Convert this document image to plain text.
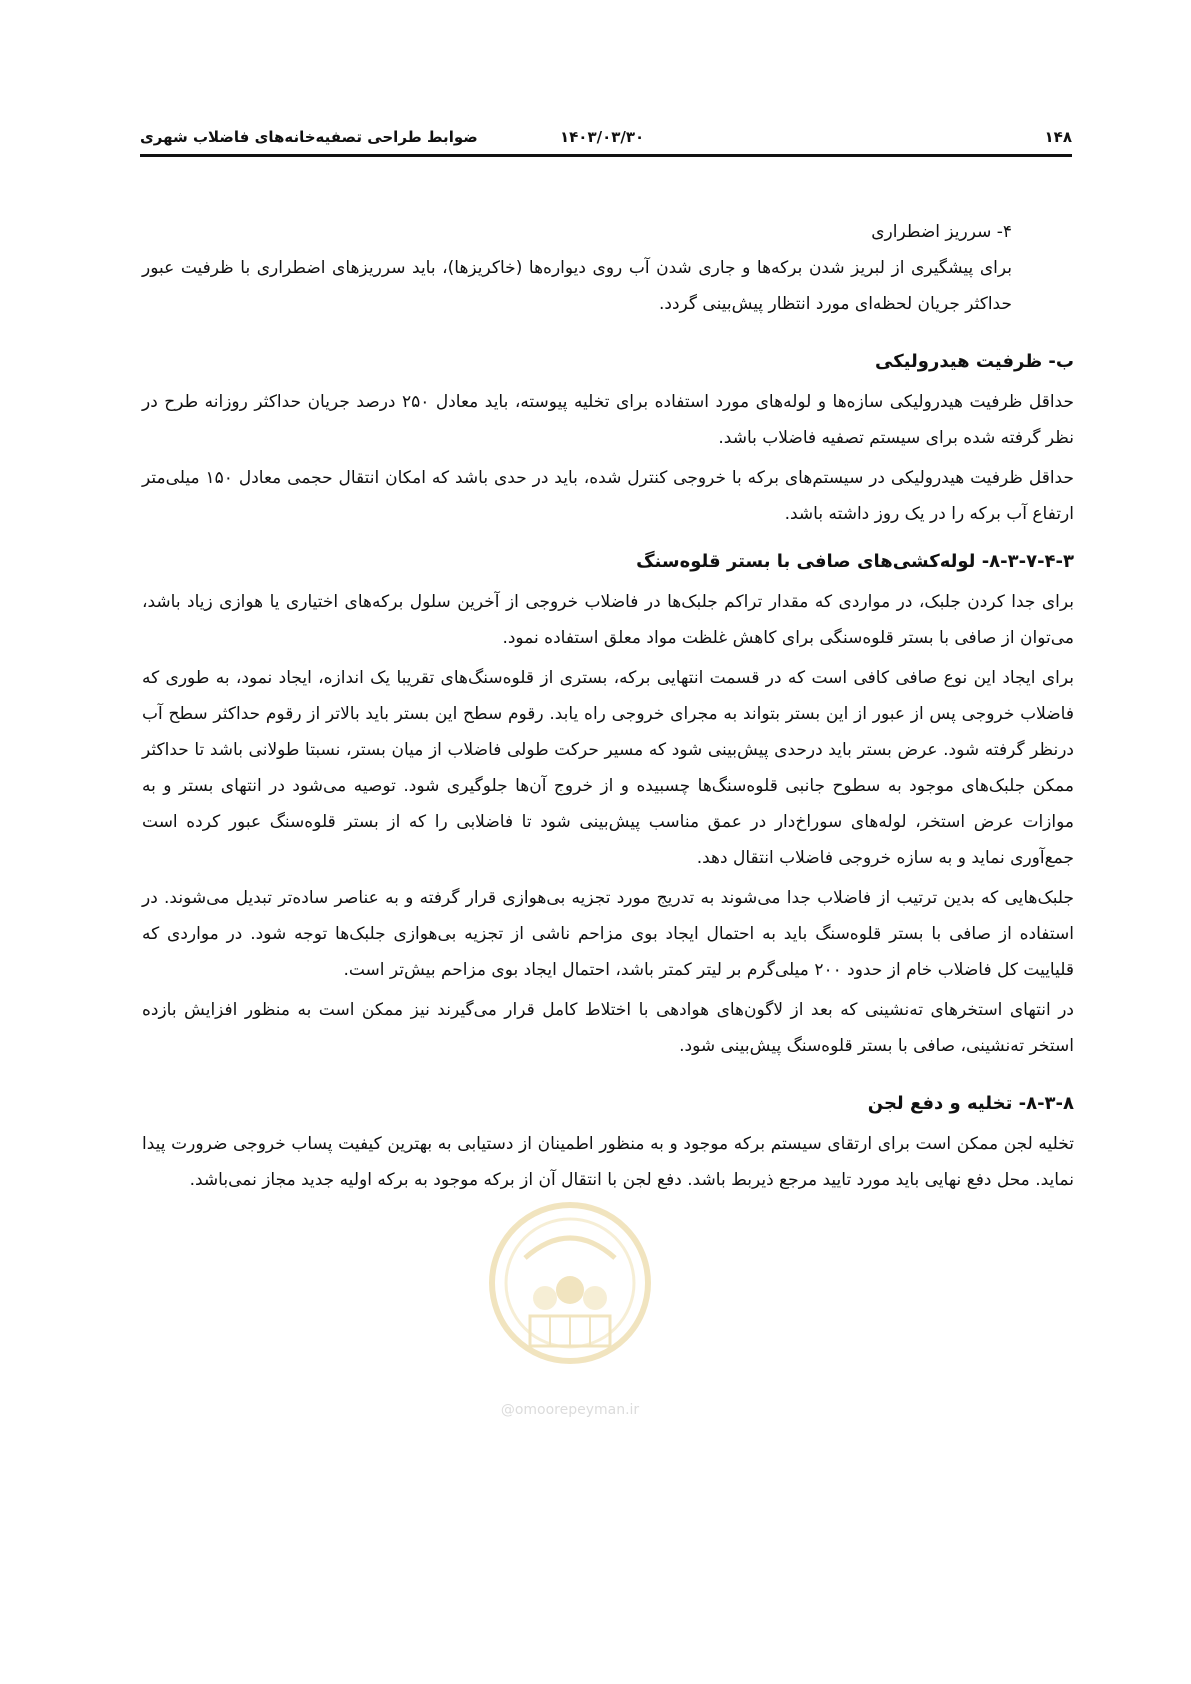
۱۴۸
۱۴۰۳/۰۳/۳۰
ضوابط طراحی تصفیه‌خانه‌های فاضلاب شهری

۴- سرریز اضطراری

برای پیشگیری از لبریز شدن برکه‌ها و جاری شدن آب روی دیواره‌ها (خاکریزها)، باید سرریزهای اضطراری با ظرفیت عبور حداکثر جریان لحظه‌ای مورد انتظار پیش‌بینی گردد.

ب- ظرفیت هیدرولیکی

حداقل ظرفیت هیدرولیکی سازه‌ها و لوله‌های مورد استفاده برای تخلیه پیوسته، باید معادل ۲۵۰ درصد جریان حداکثر روزانه طرح در نظر گرفته شده برای سیستم تصفیه فاضلاب باشد.

حداقل ظرفیت هیدرولیکی در سیستم‌های برکه با خروجی کنترل شده، باید در حدی باشد که امکان انتقال حجمی معادل ۱۵۰ میلی‌متر ارتفاع آب برکه را در یک روز داشته باشد.

۸-۳-۷-۴-۳- لوله‌کشی‌های صافی با بستر قلوه‌سنگ

برای جدا کردن جلبک، در مواردی که مقدار تراکم جلبک‌ها در فاضلاب خروجی از آخرین سلول برکه‌های اختیاری یا هوازی زیاد باشد، می‌توان از صافی با بستر قلوه‌سنگی برای کاهش غلظت مواد معلق استفاده نمود.

برای ایجاد این نوع صافی کافی است که در قسمت انتهایی برکه، بستری از قلوه‌سنگ‌های تقریبا یک اندازه، ایجاد نمود، به طوری که فاضلاب خروجی پس از عبور از این بستر بتواند به مجرای خروجی راه یابد. رقوم سطح این بستر باید بالاتر از رقوم حداکثر سطح آب درنظر گرفته شود. عرض بستر باید درحدی پیش‌بینی شود که مسیر حرکت طولی فاضلاب از میان بستر، نسبتا طولانی باشد تا حداکثر ممکن جلبک‌های موجود به سطوح جانبی قلوه‌سنگ‌ها چسبیده و از خروج آن‌ها جلوگیری شود. توصیه می‌شود در انتهای بستر و به موازات عرض استخر، لوله‌های سوراخ‌دار در عمق مناسب پیش‌بینی شود تا فاضلابی را که از بستر قلوه‌سنگ عبور کرده است جمع‌آوری نماید و به سازه خروجی فاضلاب انتقال دهد.

جلبک‌هایی که بدین ترتیب از فاضلاب جدا می‌شوند به تدریج مورد تجزیه بی‌هوازی قرار گرفته و به عناصر ساده‌تر تبدیل می‌شوند. در استفاده از صافی با بستر قلوه‌سنگ باید به احتمال ایجاد بوی مزاحم ناشی از تجزیه بی‌هوازی جلبک‌ها توجه شود. در مواردی که قلیاییت کل فاضلاب خام از حدود ۲۰۰ میلی‌گرم بر لیتر کمتر باشد، احتمال ایجاد بوی مزاحم بیش‌تر است.

در انتهای استخرهای ته‌نشینی که بعد از لاگون‌های هوادهی با اختلاط کامل قرار می‌گیرند نیز ممکن است به منظور افزایش بازده استخر ته‌نشینی، صافی با بستر قلوه‌سنگ پیش‌بینی شود.

۸-۳-۸- تخلیه و دفع لجن

تخلیه لجن ممکن است برای ارتقای سیستم برکه موجود و به منظور اطمینان از دستیابی به بهترین کیفیت پساب خروجی ضرورت پیدا نماید. محل دفع نهایی باید مورد تایید مرجع ذیربط باشد. دفع لجن با انتقال آن از برکه موجود به برکه اولیه جدید مجاز نمی‌باشد.

@omoorepeyman.ir
